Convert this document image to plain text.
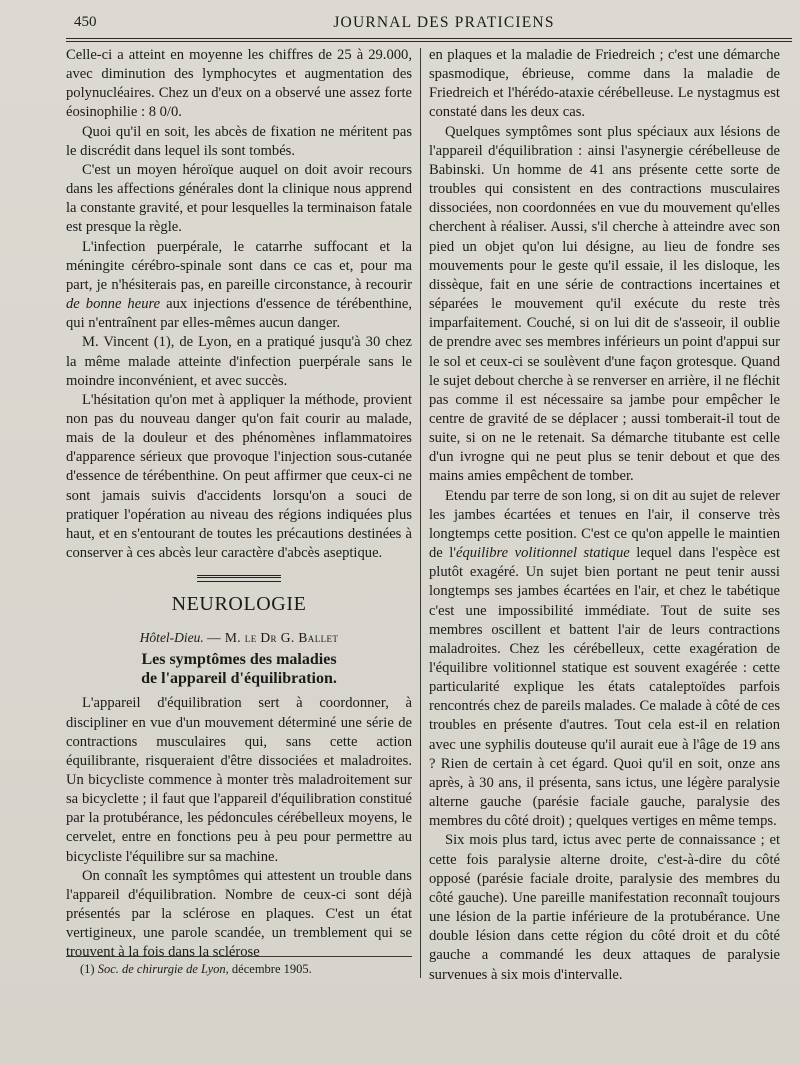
450	JOURNAL DES PRATICIENS

Celle-ci a atteint en moyenne les chiffres de 25 à 29.000, avec diminution des lymphocytes et augmentation des polynucléaires. Chez un d'eux on a observé une assez forte éosinophilie : 8 0/0.

Quoi qu'il en soit, les abcès de fixation ne méritent pas le discrédit dans lequel ils sont tombés.

C'est un moyen héroïque auquel on doit avoir recours dans les affections générales dont la clinique nous apprend la constante gravité, et pour lesquelles la terminaison fatale est presque la règle.

L'infection puerpérale, le catarrhe suffocant et la méningite cérébro-spinale sont dans ce cas et, pour ma part, je n'hésiterais pas, en pareille circonstance, à recourir de bonne heure aux injections d'essence de térébenthine, qui n'entraînent par elles-mêmes aucun danger.

M. Vincent (1), de Lyon, en a pratiqué jusqu'à 30 chez la même malade atteinte d'infection puerpérale sans le moindre inconvénient, et avec succès.

L'hésitation qu'on met à appliquer la méthode, provient non pas du nouveau danger qu'on fait courir au malade, mais de la douleur et des phénomènes inflammatoires d'apparence sérieux que provoque l'injection sous-cutanée d'essence de térébenthine. On peut affirmer que ceux-ci ne sont jamais suivis d'accidents lorsqu'on a souci de pratiquer l'opération au niveau des régions indiquées plus haut, et en s'entourant de toutes les précautions destinées à conserver à ces abcès leur caractère d'abcès aseptique.

NEUROLOGIE

Hôtel-Dieu. — M. le Dr G. Ballet

Les symptômes des maladies
de l'appareil d'équilibration.

L'appareil d'équilibration sert à coordonner, à discipliner en vue d'un mouvement déterminé une série de contractions musculaires qui, sans cette action équilibrante, risqueraient d'être dissociées et maladroites. Un bicycliste commence à monter très maladroitement sur sa bicyclette ; il faut que l'appareil d'équilibration constitué par la protubérance, les pédoncules cérébelleux moyens, le cervelet, entre en fonctions peu à peu pour permettre au bicycliste l'équilibre sur sa machine.

On connaît les symptômes qui attestent un trouble dans l'appareil d'équilibration. Nombre de ceux-ci sont déjà présentés par la sclérose en plaques. C'est un état vertigineux, une parole scandée, un tremblement qui se trouvent à la fois dans la sclérose

en plaques et la maladie de Friedreich ; c'est une démarche spasmodique, ébrieuse, comme dans la maladie de Friedreich et l'hérédo-ataxie cérébelleuse. Le nystagmus est constaté dans les deux cas.

Quelques symptômes sont plus spéciaux aux lésions de l'appareil d'équilibration : ainsi l'asynergie cérébelleuse de Babinski. Un homme de 41 ans présente cette sorte de troubles qui consistent en des contractions musculaires dissociées, non coordonnées en vue du mouvement qu'elles cherchent à réaliser. Aussi, s'il cherche à atteindre avec son pied un objet qu'on lui désigne, au lieu de fondre ses mouvements pour le geste qu'il essaie, il les disloque, les dissèque, fait en une série de contractions incertaines et séparées le mouvement qu'il exécute du reste très imparfaitement. Couché, si on lui dit de s'asseoir, il oublie de prendre avec ses membres inférieurs un point d'appui sur le sol et ceux-ci se soulèvent d'une façon grotesque. Quand le sujet debout cherche à se renverser en arrière, il ne fléchit pas comme il est nécessaire sa jambe pour empêcher le centre de gravité de se déplacer ; aussi tomberait-il tout de suite, si on ne le retenait. Sa démarche titubante est celle d'un ivrogne qui ne peut plus se tenir debout et que des mains amies empêchent de tomber.

Etendu par terre de son long, si on dit au sujet de relever les jambes écartées et tenues en l'air, il conserve très longtemps cette position. C'est ce qu'on appelle le maintien de l'équilibre volitionnel statique lequel dans l'espèce est plutôt exagéré. Un sujet bien portant ne peut tenir aussi longtemps ses jambes écartées en l'air, et chez le tabétique c'est une impossibilité immédiate. Tout de suite ses membres oscillent et battent l'air de leurs contractions maladroites. Chez les cérébelleux, cette exagération de l'équilibre volitionnel statique est souvent exagérée : cette particularité explique les états cataleptoïdes parfois rencontrés chez de pareils malades. Ce malade à côté de ces troubles en présente d'autres. Tout cela est-il en relation avec une syphilis douteuse qu'il aurait eue à l'âge de 19 ans ? Rien de certain à cet égard. Quoi qu'il en soit, onze ans après, à 30 ans, il présenta, sans ictus, une légère paralysie alterne gauche (parésie faciale gauche, paralysie des membres du côté droit) ; quelques vertiges en même temps.

Six mois plus tard, ictus avec perte de connaissance ; et cette fois paralysie alterne droite, c'est-à-dire du côté opposé (parésie faciale droite, paralysie des membres du côté gauche). Une pareille manifestation reconnaît toujours une lésion de la partie inférieure de la protubérance. Une double lésion dans cette région du côté droit et du côté gauche a commandé les deux attaques de paralysie survenues à six mois d'intervalle.

(1) Soc. de chirurgie de Lyon, décembre 1905.
